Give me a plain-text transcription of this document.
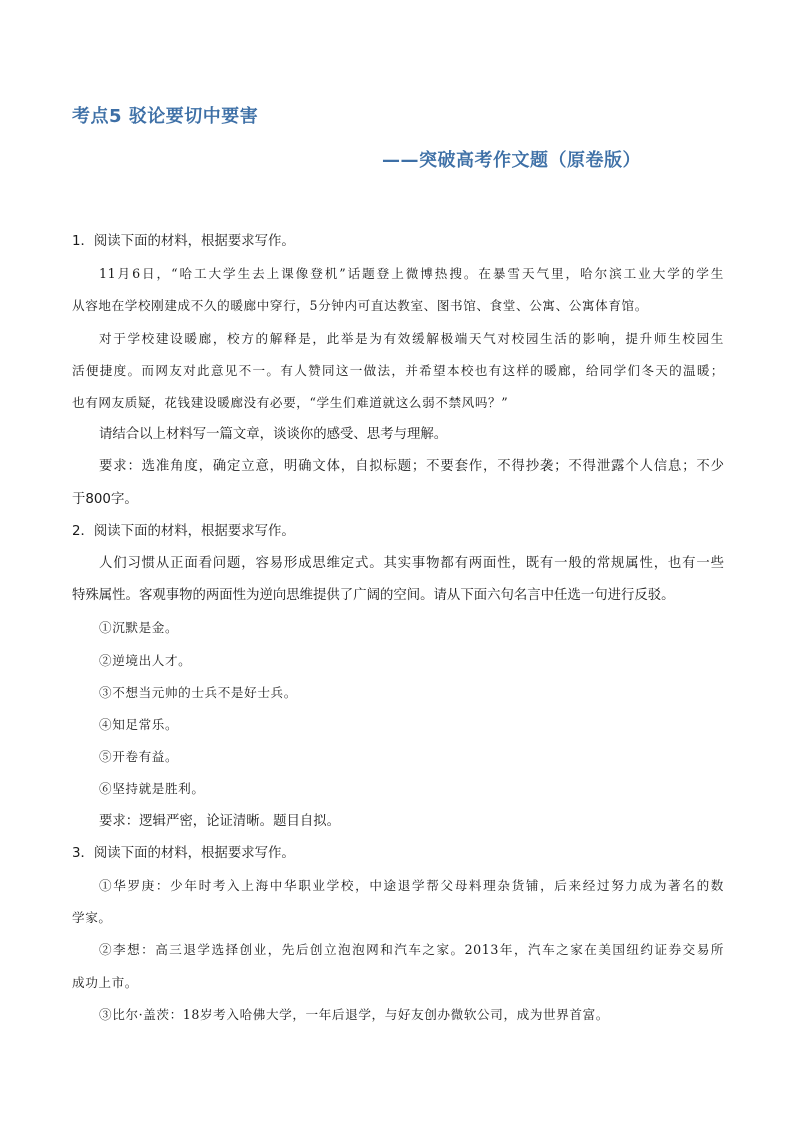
考点5 驳论要切中要害
——突破高考作文题（原卷版）

1．阅读下面的材料，根据要求写作。

11月6日，“哈工大学生去上课像登机”话题登上微博热搜。在暴雪天气里，哈尔滨工业大学的学生

从容地在学校刚建成不久的暖廊中穿行，5分钟内可直达教室、图书馆、食堂、公寓、公寓体育馆。

对于学校建设暖廊，校方的解释是，此举是为有效缓解极端天气对校园生活的影响，提升师生校园生

活便捷度。而网友对此意见不一。有人赞同这一做法，并希望本校也有这样的暖廊，给同学们冬天的温暖；

也有网友质疑，花钱建设暖廊没有必要，“学生们难道就这么弱不禁风吗？”

请结合以上材料写一篇文章，谈谈你的感受、思考与理解。

要求：选准角度，确定立意，明确文体，自拟标题；不要套作，不得抄袭；不得泄露个人信息；不少

于800字。

2．阅读下面的材料，根据要求写作。

人们习惯从正面看问题，容易形成思维定式。其实事物都有两面性，既有一般的常规属性，也有一些

特殊属性。客观事物的两面性为逆向思维提供了广阔的空间。请从下面六句名言中任选一句进行反驳。

①沉默是金。

②逆境出人才。

③不想当元帅的士兵不是好士兵。

④知足常乐。

⑤开卷有益。

⑥坚持就是胜利。

要求：逻辑严密，论证清晰。题目自拟。

3．阅读下面的材料，根据要求写作。

①华罗庚：少年时考入上海中华职业学校，中途退学帮父母料理杂货铺，后来经过努力成为著名的数

学家。

②李想：高三退学选择创业，先后创立泡泡网和汽车之家。2013年，汽车之家在美国纽约证券交易所

成功上市。

③比尔·盖茨：18岁考入哈佛大学，一年后退学，与好友创办微软公司，成为世界首富。
